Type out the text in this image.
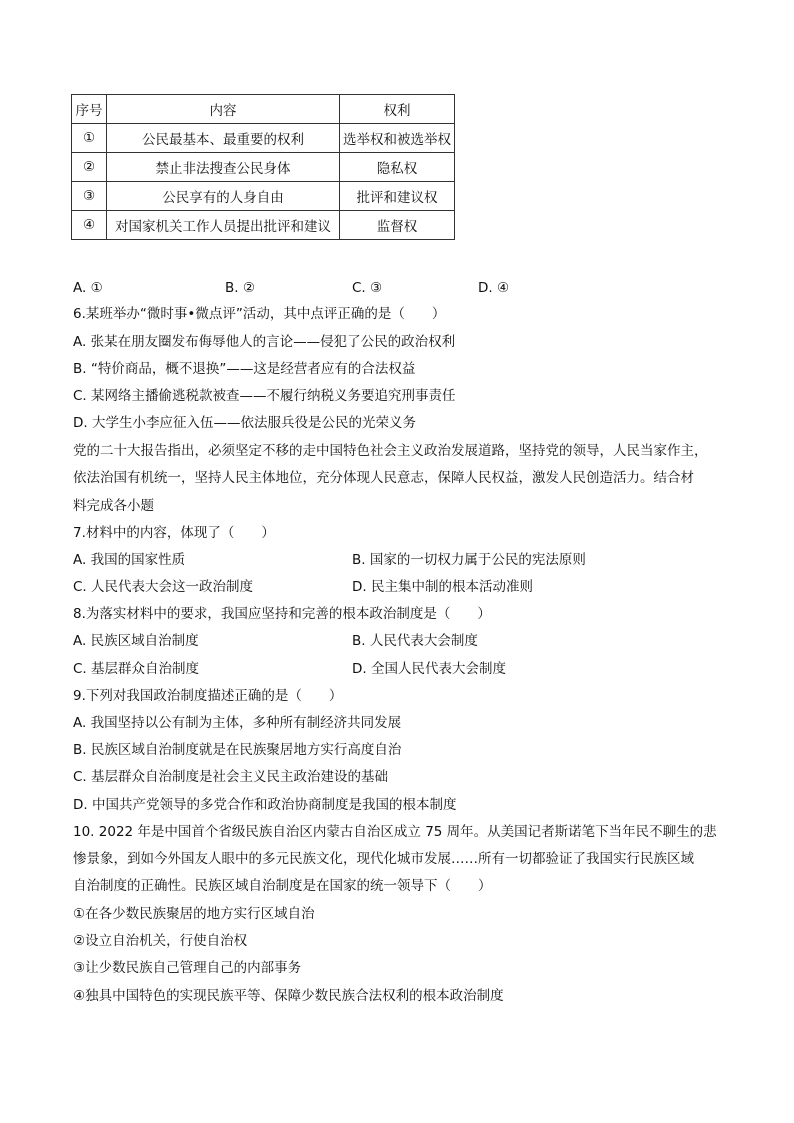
序号	内容	权利
①	公民最基本、最重要的权利	选举权和被选举权
②	禁止非法搜查公民身体	隐私权
③	公民享有的人身自由	批评和建议权
④	对国家机关工作人员提出批评和建议	监督权
A. ①	B. ②	C. ③	D. ④
6.某班举办“微时事•微点评”活动，其中点评正确的是（　　）
A. 张某在朋友圈发布侮辱他人的言论——侵犯了公民的政治权利
B. “特价商品，概不退换”——这是经营者应有的合法权益
C. 某网络主播偷逃税款被查——不履行纳税义务要追究刑事责任
D. 大学生小李应征入伍——依法服兵役是公民的光荣义务
党的二十大报告指出，必须坚定不移的走中国特色社会主义政治发展道路，坚持党的领导，人民当家作主，
依法治国有机统一，坚持人民主体地位，充分体现人民意志，保障人民权益，激发人民创造活力。结合材
料完成各小题
7.材料中的内容，体现了（　　）
A. 我国的国家性质	B. 国家的一切权力属于公民的宪法原则
C. 人民代表大会这一政治制度	D. 民主集中制的根本活动准则
8.为落实材料中的要求，我国应坚持和完善的根本政治制度是（　　）
A. 民族区域自治制度	B. 人民代表大会制度
C. 基层群众自治制度	D. 全国人民代表大会制度
9.下列对我国政治制度描述正确的是（　　）
A. 我国坚持以公有制为主体，多种所有制经济共同发展
B. 民族区域自治制度就是在民族聚居地方实行高度自治
C. 基层群众自治制度是社会主义民主政治建设的基础
D. 中国共产党领导的多党合作和政治协商制度是我国的根本制度
10. 2022 年是中国首个省级民族自治区内蒙古自治区成立 75 周年。从美国记者斯诺笔下当年民不聊生的悲
惨景象，到如今外国友人眼中的多元民族文化，现代化城市发展……所有一切都验证了我国实行民族区域
自治制度的正确性。民族区域自治制度是在国家的统一领导下（　　）
①在各少数民族聚居的地方实行区域自治
②设立自治机关，行使自治权
③让少数民族自己管理自己的内部事务
④独具中国特色的实现民族平等、保障少数民族合法权利的根本政治制度
